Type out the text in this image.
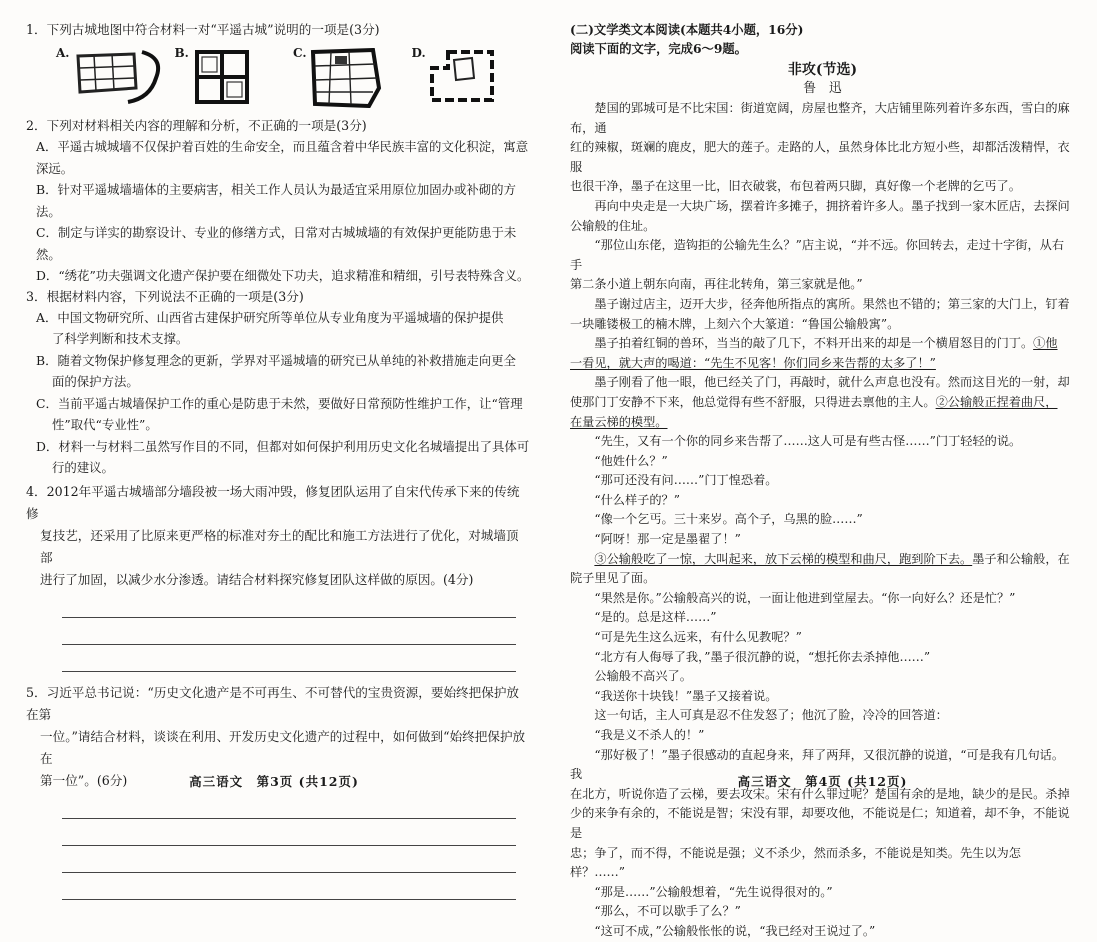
1．下列古城地图中符合材料一对“平遥古城”说明的一项是(3分)

A.	B.	C.	D.

2．下列对材料相关内容的理解和分析，不正确的一项是(3分)

A．平遥古城城墙不仅保护着百姓的生命安全，而且蕴含着中华民族丰富的文化积淀，寓意深远。

B．针对平遥城墙墙体的主要病害，相关工作人员认为最适宜采用原位加固办或补砌的方法。

C．制定与详实的勘察设计、专业的修缮方式，日常对古城城墙的有效保护更能防患于未然。

D．“绣花”功夫强调文化遗产保护要在细微处下功夫，追求精准和精细，引号表特殊含义。

3．根据材料内容，下列说法不正确的一项是(3分)

A．中国文物研究所、山西省古建保护研究所等单位从专业角度为平遥城墙的保护提供

了科学判断和技术支撑。

B．随着文物保护修复理念的更新，学界对平遥城墙的研究已从单纯的补救措施走向更全

面的保护方法。

C．当前平遥古城墙保护工作的重心是防患于未然，要做好日常预防性维护工作，让“管理

性”取代“专业性”。

D．材料一与材料二虽然写作目的不同，但都对如何保护利用历史文化名城墙提出了具体可

行的建议。

4．2012年平遥古城墙部分墙段被一场大雨冲毁，修复团队运用了自宋代传承下来的传统修

复技艺，还采用了比原来更严格的标准对夯土的配比和施工方法进行了优化，对城墙顶部

进行了加固，以减少水分渗透。请结合材料探究修复团队这样做的原因。(4分)

5．习近平总书记说：“历史文化遗产是不可再生、不可替代的宝贵资源，要始终把保护放在第

一位。”请结合材料，谈谈在利用、开发历史文化遗产的过程中，如何做到“始终把保护放在

第一位”。(6分)	高三语文　第3页 (共12页)

(二)文学类文本阅读(本题共4小题，16分)

阅读下面的文字，完成6～9题。

非攻(节选)

鲁　迅

楚国的郢城可是不比宋国：街道宽阔，房屋也整齐，大店铺里陈列着许多东西，雪白的麻布，通

红的辣椒，斑斓的鹿皮，肥大的莲子。走路的人，虽然身体比北方短小些，却都活泼精悍，衣服

也很干净，墨子在这里一比，旧衣破裳，布包着两只脚，真好像一个老牌的乞丐了。

再向中央走是一大块广场，摆着许多摊子，拥挤着许多人。墨子找到一家木匠店，去探问

公输般的住址。

“那位山东佬，造钩拒的公输先生么？”店主说，“并不远。你回转去，走过十字街，从右手

第二条小道上朝东向南，再往北转角，第三家就是他。”

墨子谢过店主，迈开大步，径奔他所指点的寓所。果然也不错的；第三家的大门上，钉着

一块雕镂极工的楠木牌，上刻六个大篆道：“鲁国公输般寓”。

墨子拍着红铜的兽环，当当的敲了几下，不料开出来的却是一个横眉怒目的门丁。①他

一看见，就大声的喝道：“先生不见客！你们同乡来告帮的太多了！”

墨子刚看了他一眼，他已经关了门，再敲时，就什么声息也没有。然而这目光的一射，却

使那门丁安静不下来，他总觉得有些不舒服，只得进去禀他的主人。②公输般正捏着曲尺，

在量云梯的模型。

“先生，又有一个你的同乡来告帮了……这人可是有些古怪……”门丁轻轻的说。

“他姓什么？”

“那可还没有问……”门丁惶恐着。

“什么样子的？”

“像一个乞丐。三十来岁。高个子，乌黑的脸……”

“阿呀！那一定是墨翟了！”

③公输般吃了一惊，大叫起来，放下云梯的模型和曲尺，跑到阶下去。墨子和公输般，在

院子里见了面。

“果然是你。”公输般高兴的说，一面让他进到堂屋去。“你一向好么？还是忙？”

“是的。总是这样……”

“可是先生这么远来，有什么见教呢？”

“北方有人侮辱了我，”墨子很沉静的说，“想托你去杀掉他……”

公输般不高兴了。

“我送你十块钱！”墨子又接着说。

这一句话，主人可真是忍不住发怒了；他沉了脸，冷冷的回答道：

“我是义不杀人的！”

“那好极了！”墨子很感动的直起身来，拜了两拜，又很沉静的说道，“可是我有几句话。我

在北方，听说你造了云梯，要去攻宋。宋有什么罪过呢？楚国有余的是地，缺少的是民。杀掉

少的来争有余的，不能说是智；宋没有罪，却要攻他，不能说是仁；知道着，却不争，不能说是

忠；争了，而不得，不能说是强；义不杀少，然而杀多，不能说是知类。先生以为怎样？……”

“那是……”公输般想着，“先生说得很对的。”

“那么，不可以歇手了么？”

“这可不成，”公输般怅怅的说，“我已经对王说过了。”

高三语文　第4页 (共12页)
